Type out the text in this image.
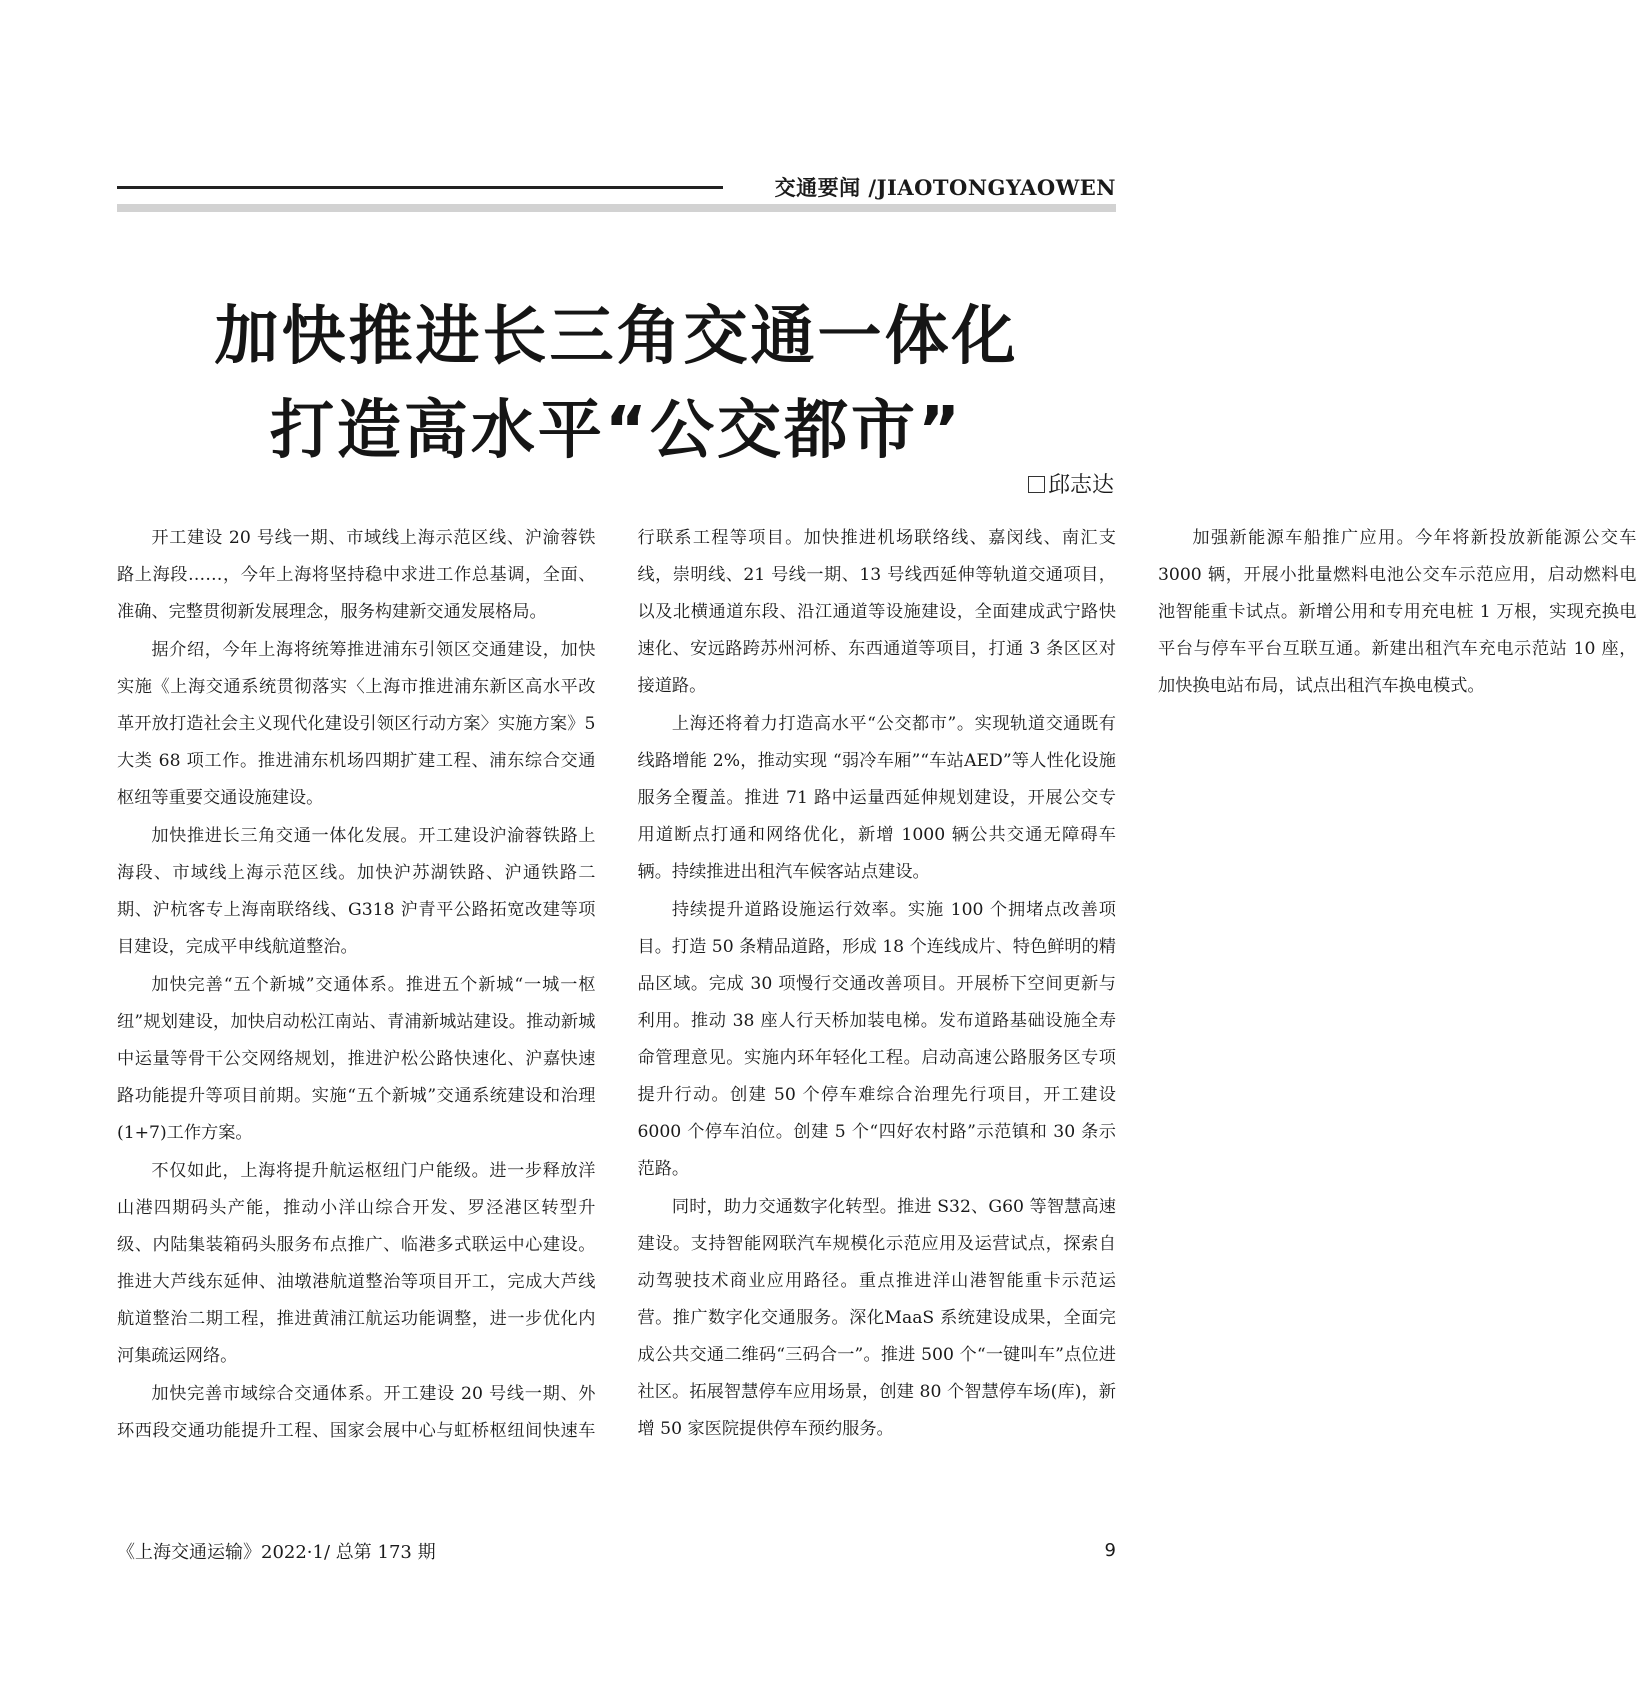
交通要闻 /JIAOTONGYAOWEN
加快推进长三角交通一体化
打造高水平“公交都市”
邱志达

开工建设 20 号线一期、市域线上海示范区线、沪渝蓉铁路上海段……，今年上海将坚持稳中求进工作总基调，全面、准确、完整贯彻新发展理念，服务构建新交通发展格局。

据介绍，今年上海将统筹推进浦东引领区交通建设，加快实施《上海交通系统贯彻落实〈上海市推进浦东新区高水平改革开放打造社会主义现代化建设引领区行动方案〉实施方案》5 大类 68 项工作。推进浦东机场四期扩建工程、浦东综合交通枢纽等重要交通设施建设。

加快推进长三角交通一体化发展。开工建设沪渝蓉铁路上海段、市域线上海示范区线。加快沪苏湖铁路、沪通铁路二期、沪杭客专上海南联络线、G318 沪青平公路拓宽改建等项目建设，完成平申线航道整治。

加快完善“五个新城”交通体系。推进五个新城“一城一枢纽”规划建设，加快启动松江南站、青浦新城站建设。推动新城中运量等骨干公交网络规划，推进沪松公路快速化、沪嘉快速路功能提升等项目前期。实施“五个新城”交通系统建设和治理(1+7)工作方案。

不仅如此，上海将提升航运枢纽门户能级。进一步释放洋山港四期码头产能，推动小洋山综合开发、罗泾港区转型升级、内陆集装箱码头服务布点推广、临港多式联运中心建设。推进大芦线东延伸、油墩港航道整治等项目开工，完成大芦线航道整治二期工程，推进黄浦江航运功能调整，进一步优化内河集疏运网络。

加快完善市域综合交通体系。开工建设 20 号线一期、外环西段交通功能提升工程、国家会展中心与虹桥枢纽间快速车行联系工程等项目。加快推进机场联络线、嘉闵线、南汇支线，崇明线、21 号线一期、13 号线西延伸等轨道交通项目，以及北横通道东段、沿江通道等设施建设，全面建成武宁路快速化、安远路跨苏州河桥、东西通道等项目，打通 3 条区区对接道路。

上海还将着力打造高水平“公交都市”。实现轨道交通既有线路增能 2%，推动实现 “弱冷车厢”“车站AED”等人性化设施服务全覆盖。推进 71 路中运量西延伸规划建设，开展公交专用道断点打通和网络优化，新增 1000 辆公共交通无障碍车辆。持续推进出租汽车候客站点建设。

持续提升道路设施运行效率。实施 100 个拥堵点改善项目。打造 50 条精品道路，形成 18 个连线成片、特色鲜明的精品区域。完成 30 项慢行交通改善项目。开展桥下空间更新与利用。推动 38 座人行天桥加装电梯。发布道路基础设施全寿命管理意见。实施内环年轻化工程。启动高速公路服务区专项提升行动。创建 50 个停车难综合治理先行项目，开工建设 6000 个停车泊位。创建 5 个“四好农村路”示范镇和 30 条示范路。

同时，助力交通数字化转型。推进 S32、G60 等智慧高速建设。支持智能网联汽车规模化示范应用及运营试点，探索自动驾驶技术商业应用路径。重点推进洋山港智能重卡示范运营。推广数字化交通服务。深化MaaS 系统建设成果，全面完成公共交通二维码“三码合一”。推进 500 个“一键叫车”点位进社区。拓展智慧停车应用场景，创建 80 个智慧停车场(库)，新增 50 家医院提供停车预约服务。

加强新能源车船推广应用。今年将新投放新能源公交车 3000 辆，开展小批量燃料电池公交车示范应用，启动燃料电池智能重卡试点。新增公用和专用充电桩 1 万根，实现充换电平台与停车平台互联互通。新建出租汽车充电示范站 10 座，加快换电站布局，试点出租汽车换电模式。

《上海交通运输》2022·1/ 总第 173 期	9
